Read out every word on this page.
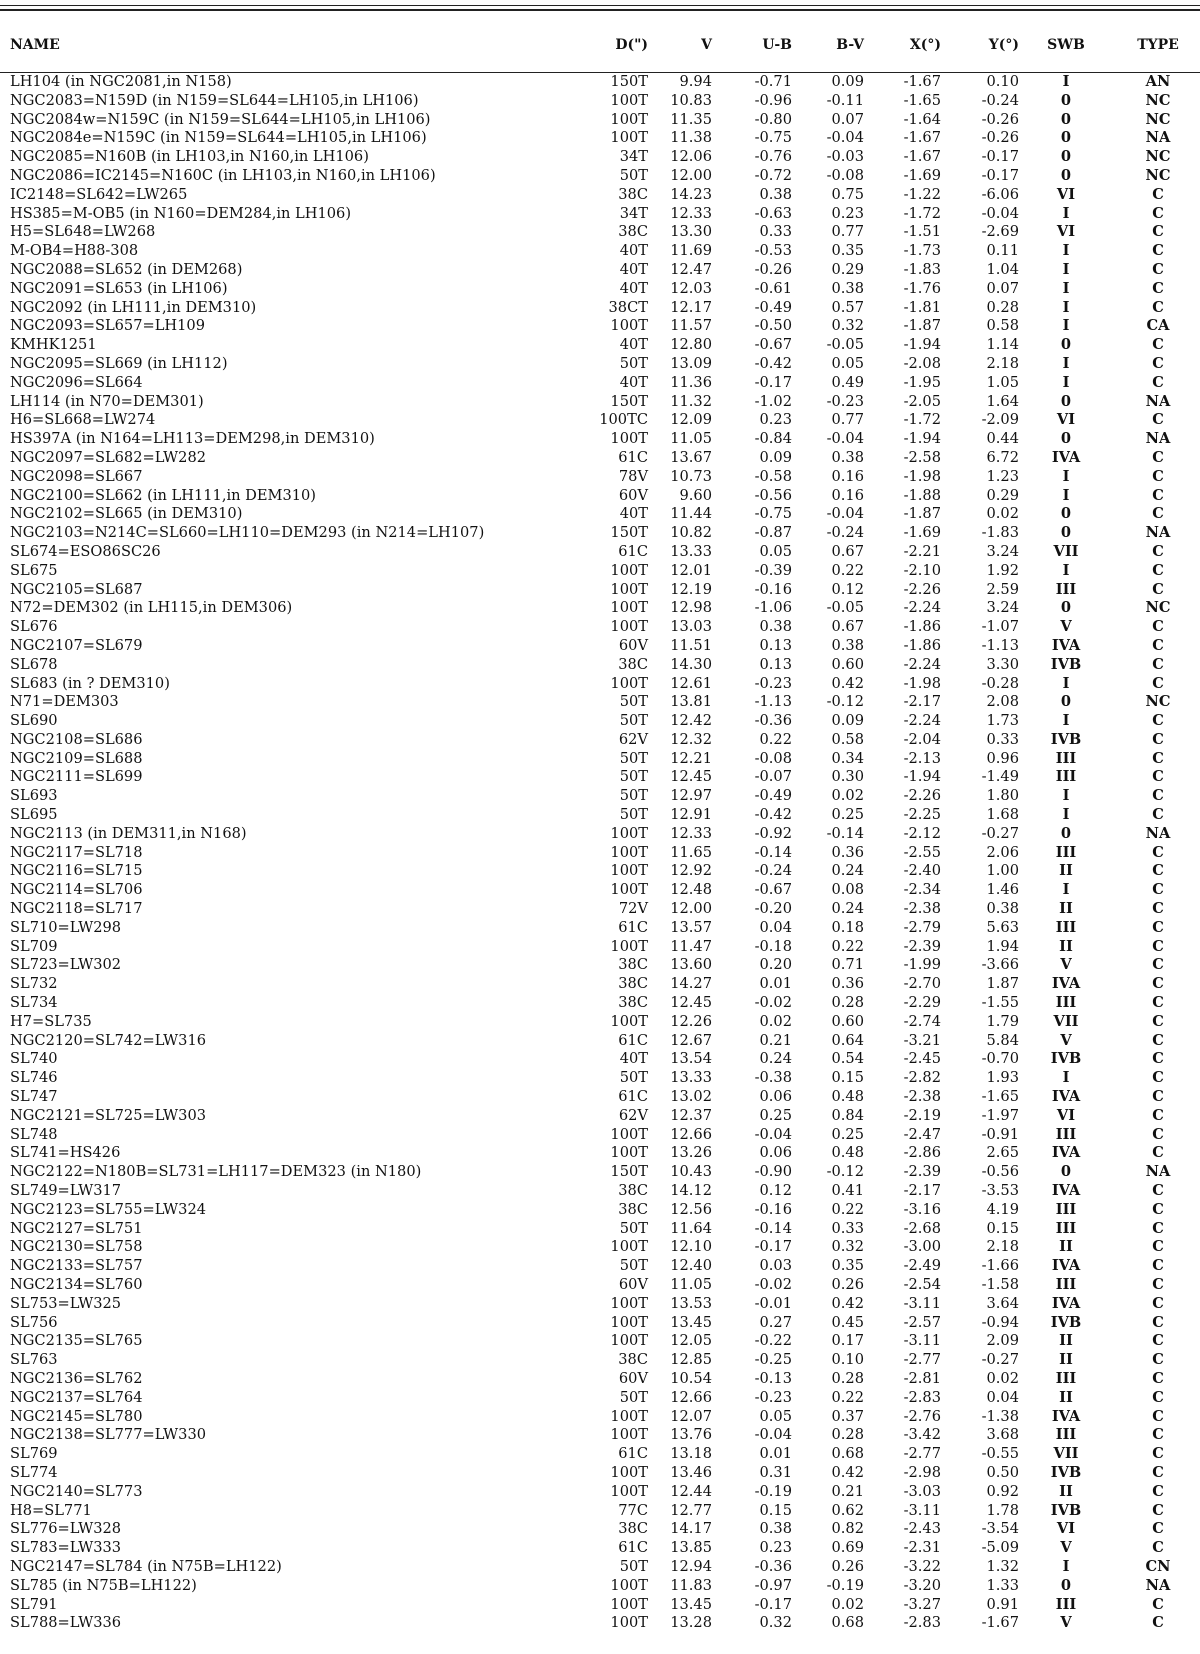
NAME	D(")	V	U-B	B-V	X(°)	Y(°)	SWB	TYPE
LH104 (in NGC2081,in N158)	150T	9.94	-0.71	0.09	-1.67	0.10	I	AN
NGC2083=N159D (in N159=SL644=LH105,in LH106)	100T	10.83	-0.96	-0.11	-1.65	-0.24	0	NC
NGC2084w=N159C (in N159=SL644=LH105,in LH106)	100T	11.35	-0.80	0.07	-1.64	-0.26	0	NC
NGC2084e=N159C (in N159=SL644=LH105,in LH106)	100T	11.38	-0.75	-0.04	-1.67	-0.26	0	NA
NGC2085=N160B (in LH103,in N160,in LH106)	34T	12.06	-0.76	-0.03	-1.67	-0.17	0	NC
NGC2086=IC2145=N160C (in LH103,in N160,in LH106)	50T	12.00	-0.72	-0.08	-1.69	-0.17	0	NC
IC2148=SL642=LW265	38C	14.23	0.38	0.75	-1.22	-6.06	VI	C
HS385=M-OB5 (in N160=DEM284,in LH106)	34T	12.33	-0.63	0.23	-1.72	-0.04	I	C
H5=SL648=LW268	38C	13.30	0.33	0.77	-1.51	-2.69	VI	C
M-OB4=H88-308	40T	11.69	-0.53	0.35	-1.73	0.11	I	C
NGC2088=SL652 (in DEM268)	40T	12.47	-0.26	0.29	-1.83	1.04	I	C
NGC2091=SL653 (in LH106)	40T	12.03	-0.61	0.38	-1.76	0.07	I	C
NGC2092 (in LH111,in DEM310)	38CT	12.17	-0.49	0.57	-1.81	0.28	I	C
NGC2093=SL657=LH109	100T	11.57	-0.50	0.32	-1.87	0.58	I	CA
KMHK1251	40T	12.80	-0.67	-0.05	-1.94	1.14	0	C
NGC2095=SL669 (in LH112)	50T	13.09	-0.42	0.05	-2.08	2.18	I	C
NGC2096=SL664	40T	11.36	-0.17	0.49	-1.95	1.05	I	C
LH114 (in N70=DEM301)	150T	11.32	-1.02	-0.23	-2.05	1.64	0	NA
H6=SL668=LW274	100TC	12.09	0.23	0.77	-1.72	-2.09	VI	C
HS397A (in N164=LH113=DEM298,in DEM310)	100T	11.05	-0.84	-0.04	-1.94	0.44	0	NA
NGC2097=SL682=LW282	61C	13.67	0.09	0.38	-2.58	6.72	IVA	C
NGC2098=SL667	78V	10.73	-0.58	0.16	-1.98	1.23	I	C
NGC2100=SL662 (in LH111,in DEM310)	60V	9.60	-0.56	0.16	-1.88	0.29	I	C
NGC2102=SL665 (in DEM310)	40T	11.44	-0.75	-0.04	-1.87	0.02	0	C
NGC2103=N214C=SL660=LH110=DEM293 (in N214=LH107)	150T	10.82	-0.87	-0.24	-1.69	-1.83	0	NA
SL674=ESO86SC26	61C	13.33	0.05	0.67	-2.21	3.24	VII	C
SL675	100T	12.01	-0.39	0.22	-2.10	1.92	I	C
NGC2105=SL687	100T	12.19	-0.16	0.12	-2.26	2.59	III	C
N72=DEM302 (in LH115,in DEM306)	100T	12.98	-1.06	-0.05	-2.24	3.24	0	NC
SL676	100T	13.03	0.38	0.67	-1.86	-1.07	V	C
NGC2107=SL679	60V	11.51	0.13	0.38	-1.86	-1.13	IVA	C
SL678	38C	14.30	0.13	0.60	-2.24	3.30	IVB	C
SL683 (in ? DEM310)	100T	12.61	-0.23	0.42	-1.98	-0.28	I	C
N71=DEM303	50T	13.81	-1.13	-0.12	-2.17	2.08	0	NC
SL690	50T	12.42	-0.36	0.09	-2.24	1.73	I	C
NGC2108=SL686	62V	12.32	0.22	0.58	-2.04	0.33	IVB	C
NGC2109=SL688	50T	12.21	-0.08	0.34	-2.13	0.96	III	C
NGC2111=SL699	50T	12.45	-0.07	0.30	-1.94	-1.49	III	C
SL693	50T	12.97	-0.49	0.02	-2.26	1.80	I	C
SL695	50T	12.91	-0.42	0.25	-2.25	1.68	I	C
NGC2113 (in DEM311,in N168)	100T	12.33	-0.92	-0.14	-2.12	-0.27	0	NA
NGC2117=SL718	100T	11.65	-0.14	0.36	-2.55	2.06	III	C
NGC2116=SL715	100T	12.92	-0.24	0.24	-2.40	1.00	II	C
NGC2114=SL706	100T	12.48	-0.67	0.08	-2.34	1.46	I	C
NGC2118=SL717	72V	12.00	-0.20	0.24	-2.38	0.38	II	C
SL710=LW298	61C	13.57	0.04	0.18	-2.79	5.63	III	C
SL709	100T	11.47	-0.18	0.22	-2.39	1.94	II	C
SL723=LW302	38C	13.60	0.20	0.71	-1.99	-3.66	V	C
SL732	38C	14.27	0.01	0.36	-2.70	1.87	IVA	C
SL734	38C	12.45	-0.02	0.28	-2.29	-1.55	III	C
H7=SL735	100T	12.26	0.02	0.60	-2.74	1.79	VII	C
NGC2120=SL742=LW316	61C	12.67	0.21	0.64	-3.21	5.84	V	C
SL740	40T	13.54	0.24	0.54	-2.45	-0.70	IVB	C
SL746	50T	13.33	-0.38	0.15	-2.82	1.93	I	C
SL747	61C	13.02	0.06	0.48	-2.38	-1.65	IVA	C
NGC2121=SL725=LW303	62V	12.37	0.25	0.84	-2.19	-1.97	VI	C
SL748	100T	12.66	-0.04	0.25	-2.47	-0.91	III	C
SL741=HS426	100T	13.26	0.06	0.48	-2.86	2.65	IVA	C
NGC2122=N180B=SL731=LH117=DEM323 (in N180)	150T	10.43	-0.90	-0.12	-2.39	-0.56	0	NA
SL749=LW317	38C	14.12	0.12	0.41	-2.17	-3.53	IVA	C
NGC2123=SL755=LW324	38C	12.56	-0.16	0.22	-3.16	4.19	III	C
NGC2127=SL751	50T	11.64	-0.14	0.33	-2.68	0.15	III	C
NGC2130=SL758	100T	12.10	-0.17	0.32	-3.00	2.18	II	C
NGC2133=SL757	50T	12.40	0.03	0.35	-2.49	-1.66	IVA	C
NGC2134=SL760	60V	11.05	-0.02	0.26	-2.54	-1.58	III	C
SL753=LW325	100T	13.53	-0.01	0.42	-3.11	3.64	IVA	C
SL756	100T	13.45	0.27	0.45	-2.57	-0.94	IVB	C
NGC2135=SL765	100T	12.05	-0.22	0.17	-3.11	2.09	II	C
SL763	38C	12.85	-0.25	0.10	-2.77	-0.27	II	C
NGC2136=SL762	60V	10.54	-0.13	0.28	-2.81	0.02	III	C
NGC2137=SL764	50T	12.66	-0.23	0.22	-2.83	0.04	II	C
NGC2145=SL780	100T	12.07	0.05	0.37	-2.76	-1.38	IVA	C
NGC2138=SL777=LW330	100T	13.76	-0.04	0.28	-3.42	3.68	III	C
SL769	61C	13.18	0.01	0.68	-2.77	-0.55	VII	C
SL774	100T	13.46	0.31	0.42	-2.98	0.50	IVB	C
NGC2140=SL773	100T	12.44	-0.19	0.21	-3.03	0.92	II	C
H8=SL771	77C	12.77	0.15	0.62	-3.11	1.78	IVB	C
SL776=LW328	38C	14.17	0.38	0.82	-2.43	-3.54	VI	C
SL783=LW333	61C	13.85	0.23	0.69	-2.31	-5.09	V	C
NGC2147=SL784 (in N75B=LH122)	50T	12.94	-0.36	0.26	-3.22	1.32	I	CN
SL785 (in N75B=LH122)	100T	11.83	-0.97	-0.19	-3.20	1.33	0	NA
SL791	100T	13.45	-0.17	0.02	-3.27	0.91	III	C
SL788=LW336	100T	13.28	0.32	0.68	-2.83	-1.67	V	C
